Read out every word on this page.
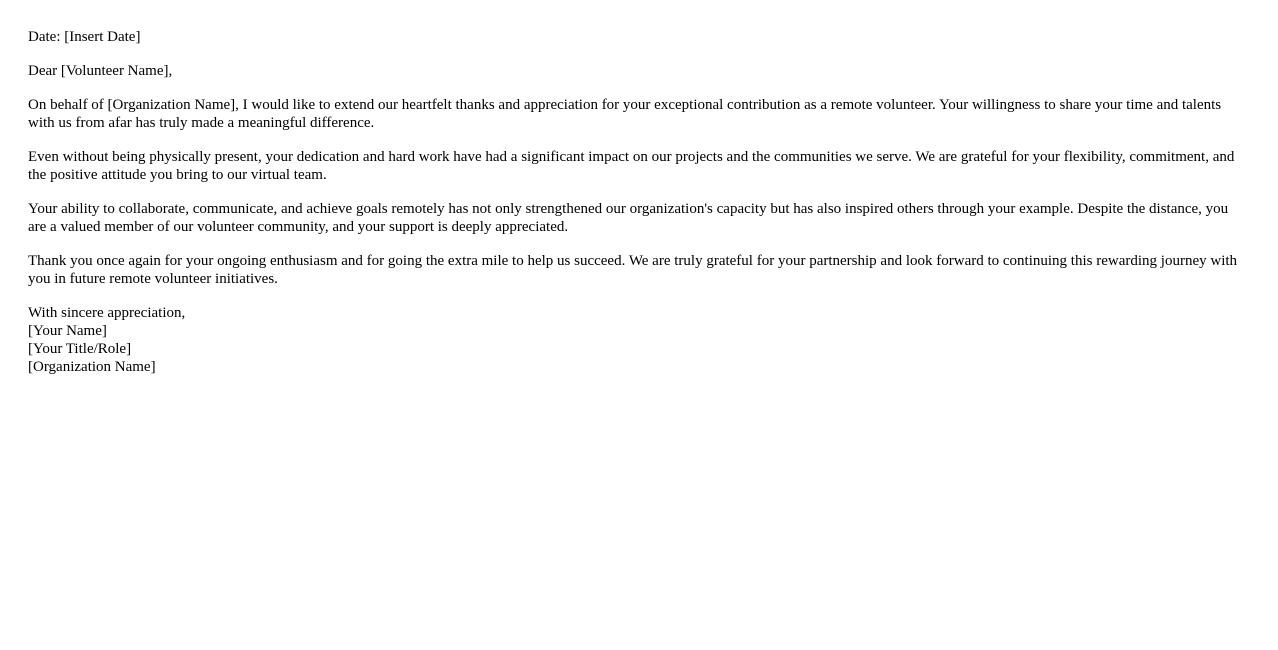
Date: [Insert Date]

Dear [Volunteer Name],

On behalf of [Organization Name], I would like to extend our heartfelt thanks and appreciation for your exceptional contribution as a remote volunteer. Your willingness to share your time and talents with us from afar has truly made a meaningful difference.

Even without being physically present, your dedication and hard work have had a significant impact on our projects and the communities we serve. We are grateful for your flexibility, commitment, and the positive attitude you bring to our virtual team.

Your ability to collaborate, communicate, and achieve goals remotely has not only strengthened our organization's capacity but has also inspired others through your example. Despite the distance, you are a valued member of our volunteer community, and your support is deeply appreciated.

Thank you once again for your ongoing enthusiasm and for going the extra mile to help us succeed. We are truly grateful for your partnership and look forward to continuing this rewarding journey with you in future remote volunteer initiatives.

With sincere appreciation,
[Your Name]
[Your Title/Role]
[Organization Name]
